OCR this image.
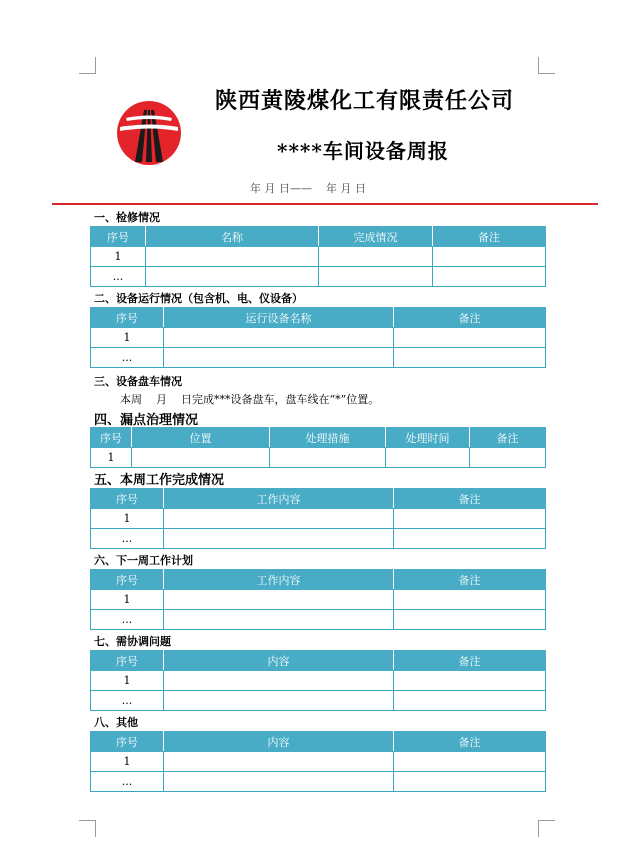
陕西黄陵煤化工有限责任公司
****车间设备周报
年 月 日——    年 月 日
一、检修情况
序号	名称	完成情况	备注
1			
...			
二、设备运行情况（包含机、电、仪设备）
序号	运行设备名称	备注
1		
...		
三、设备盘车情况
本周    月    日完成***设备盘车，盘车线在“*”位置。
四、漏点治理情况
序号	位置	处理措施	处理时间	备注
1				
五、本周工作完成情况
序号	工作内容	备注
1		
...		
六、下一周工作计划
序号	工作内容	备注
1		
...		
七、需协调问题
序号	内容	备注
1		
...		
八、其他
序号	内容	备注
1		
...		
